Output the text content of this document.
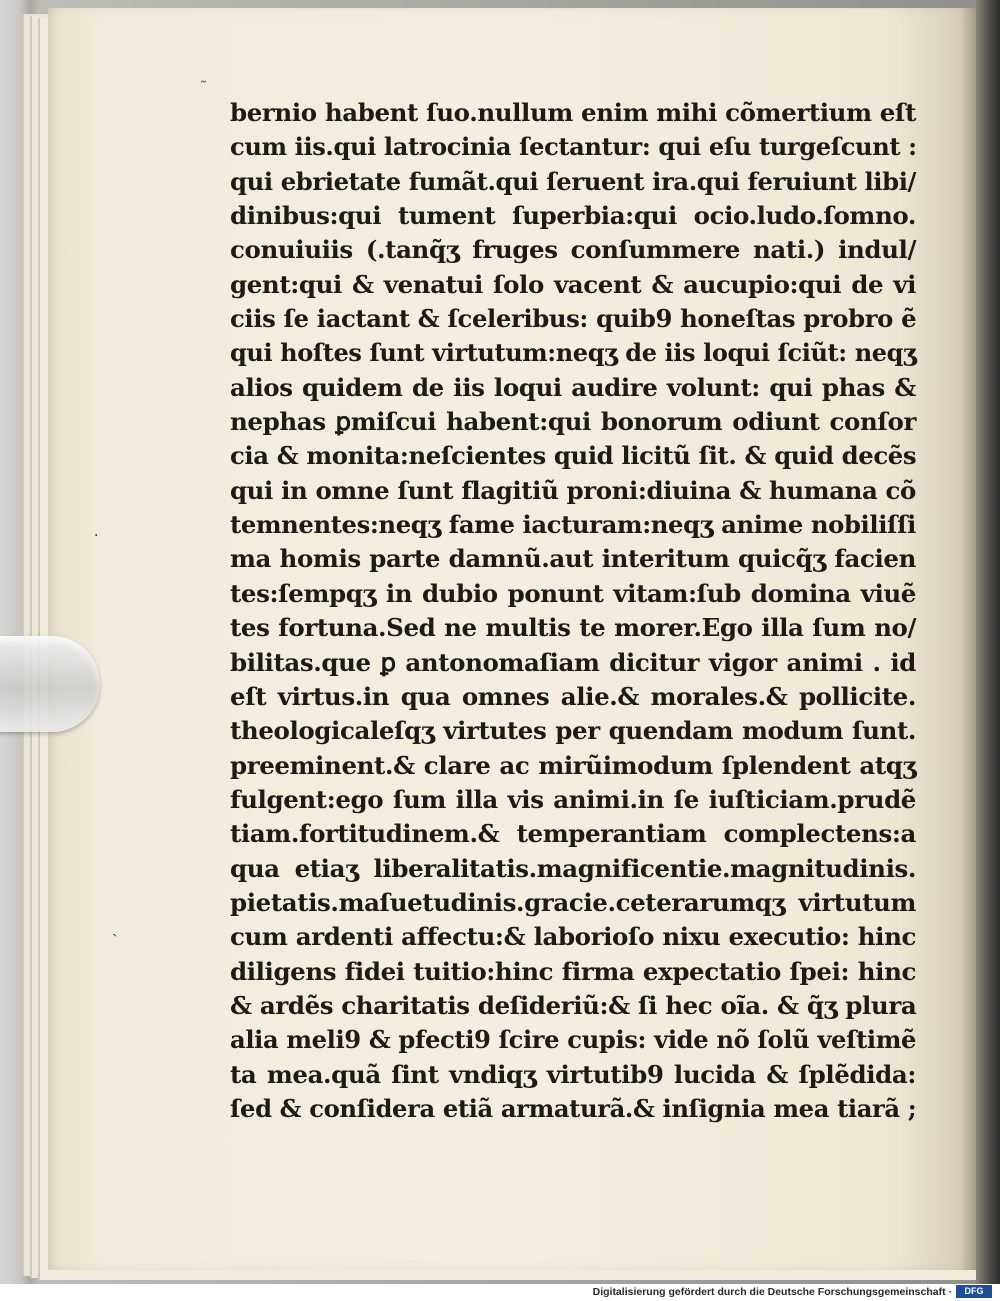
˷
·
ˎ
bernio habent ſuo.nullum enim mihi cõmertium eſt
cum iis.qui latrocinia ſectantur: qui eſu turgeſcunt :
qui ebrietate fumãt.qui ſeruent ira.qui feruiunt libi/
dinibus:qui tument ſuperbia:qui ocio.ludo.ſomno.
conuiuiis (.tanq̃ʒ fruges conſummere nati.) indul/
gent:qui & venatui ſolo vacent & aucupio:qui de vi
ciis ſe iactant & ſceleribus: quib9 honeſtas probro ẽ
qui hoſtes ſunt virtutum:neqʒ de iis loqui ſciũt: neqʒ
alios quidem de iis loqui audire volunt: qui phas &
nephas ꝑmiſcui habent:qui bonorum odiunt conſor
cia & monita:neſcientes quid licitũ ſit. & quid decẽs
qui in omne ſunt flagitiũ proni:diuina & humana cõ
temnentes:neqʒ fame iacturam:neqʒ anime nobiliſſi
ma homis parte damnũ.aut interitum quicq̃ʒ facien
tes:ſempqʒ in dubio ponunt vitam:ſub domina viuẽ
tes fortuna.Sed ne multis te morer.Ego illa ſum no/
bilitas.que ꝑ antonomaſiam dicitur vigor animi . id
eſt virtus.in qua omnes alie.& morales.& pollicite.
theologicaleſqʒ virtutes per quendam modum ſunt.
preeminent.& clare ac mirũimodum ſplendent atqʒ
fulgent:ego ſum illa vis animi.in ſe iuſticiam.prudẽ
tiam.fortitudinem.& temperantiam complectens:a
qua etiaʒ liberalitatis.magnificentie.magnitudinis.
pietatis.maſuetudinis.gracie.ceterarumqʒ virtutum
cum ardenti affectu:& laborioſo nixu executio: hinc
diligens fidei tuitio:hinc firma expectatio ſpei: hinc
& ardẽs charitatis deſideriũ:& ſi hec oĩa. & q̃ʒ plura
alia meli9 & pfecti9 ſcire cupis: vide nõ ſolũ veſtimẽ
ta mea.quã ſint vndiqʒ virtutib9 lucida & ſplẽdida:
ſed & conſidera etiã armaturã.& inſignia mea tiarã ;
Digitalisierung gefördert durch die Deutsche Forschungsgemeinschaft ·	DFG
